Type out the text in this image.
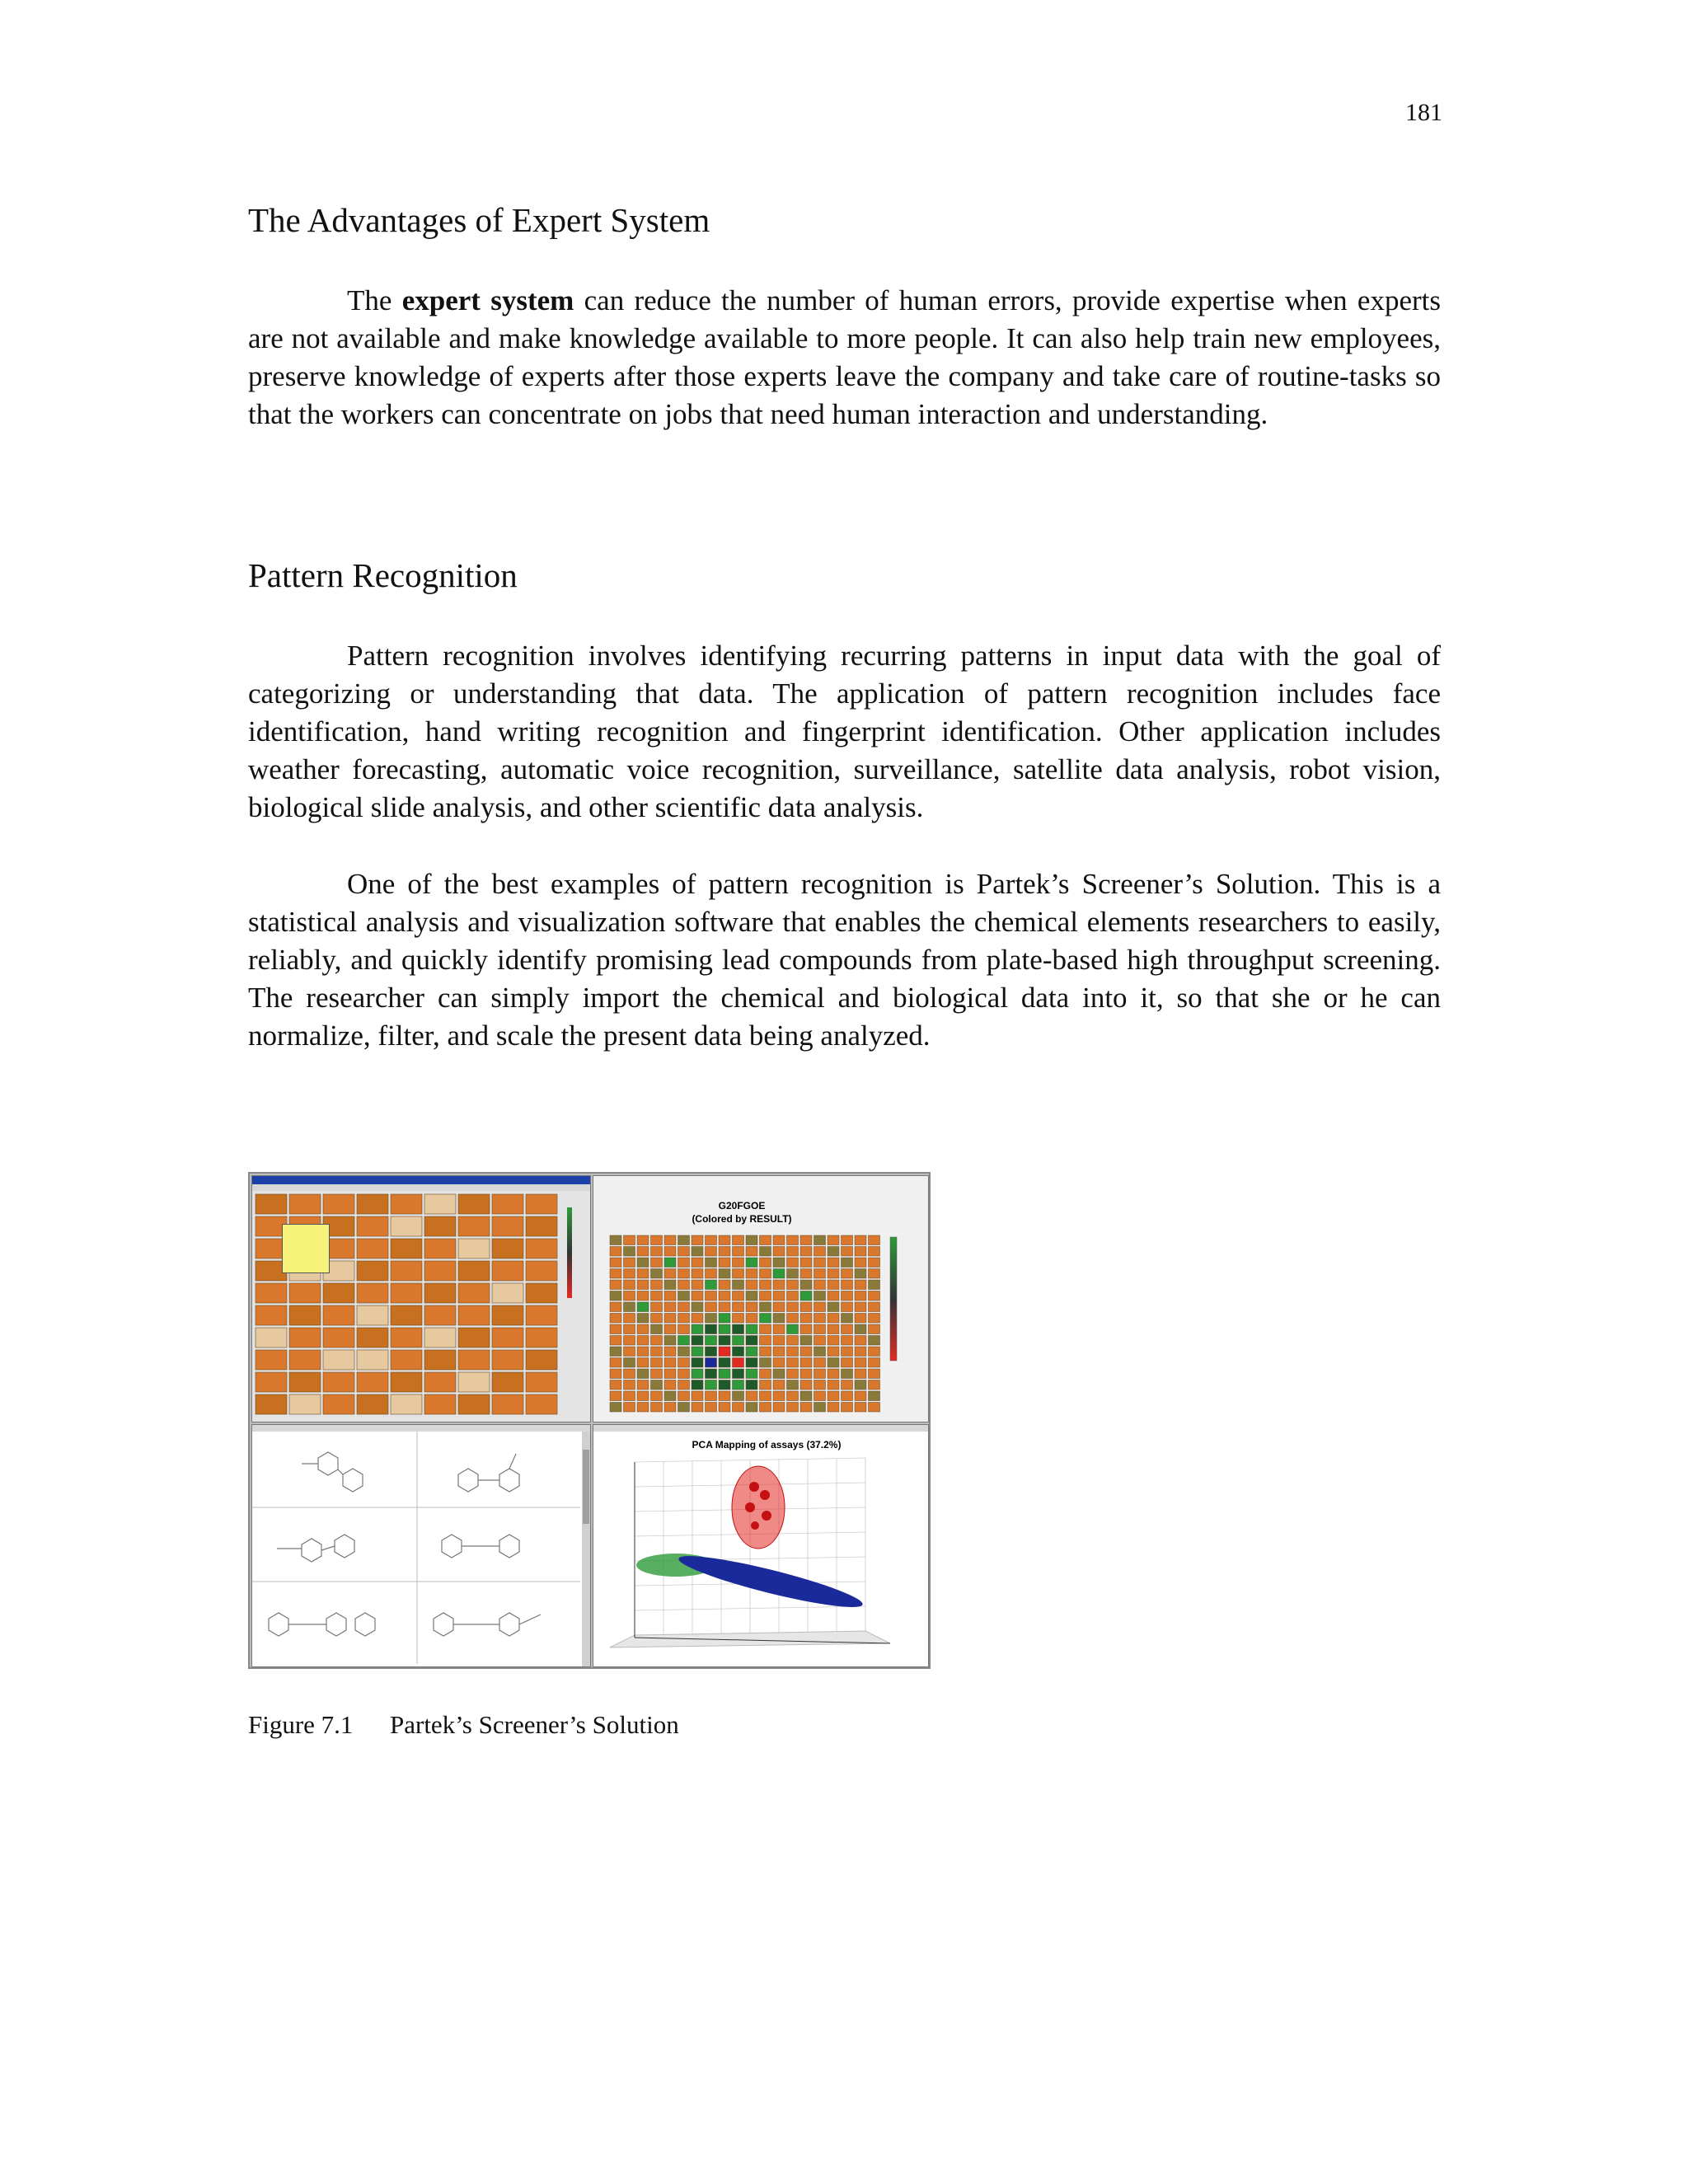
181
The Advantages of Expert System

The expert system can reduce the number of human errors, provide expertise when experts are not available and make knowledge available to more people. It can also help train new employees, preserve knowledge of experts after those experts leave the company and take care of routine-tasks so that the workers can concentrate on jobs that need human interaction and understanding.

Pattern Recognition

Pattern recognition involves identifying recurring patterns in input data with the goal of categorizing or understanding that data. The application of pattern recognition includes face identification, hand writing recognition and fingerprint identification. Other application includes weather forecasting, automatic voice recognition, surveillance, satellite data analysis, robot vision, biological slide analysis, and other scientific data analysis.

One of the best examples of pattern recognition is Partek’s Screener’s Solution. This is a statistical analysis and visualization software that enables the chemical elements researchers to easily, reliably, and quickly identify promising lead compounds from plate-based high throughput screening. The researcher can simply import the chemical and biological data into it, so that she or he can normalize, filter, and scale the present data being analyzed.

G20FGOE
(Colored by RESULT)
PCA Mapping of assays (37.2%)
Figure 7.1 Partek’s Screener’s Solution
